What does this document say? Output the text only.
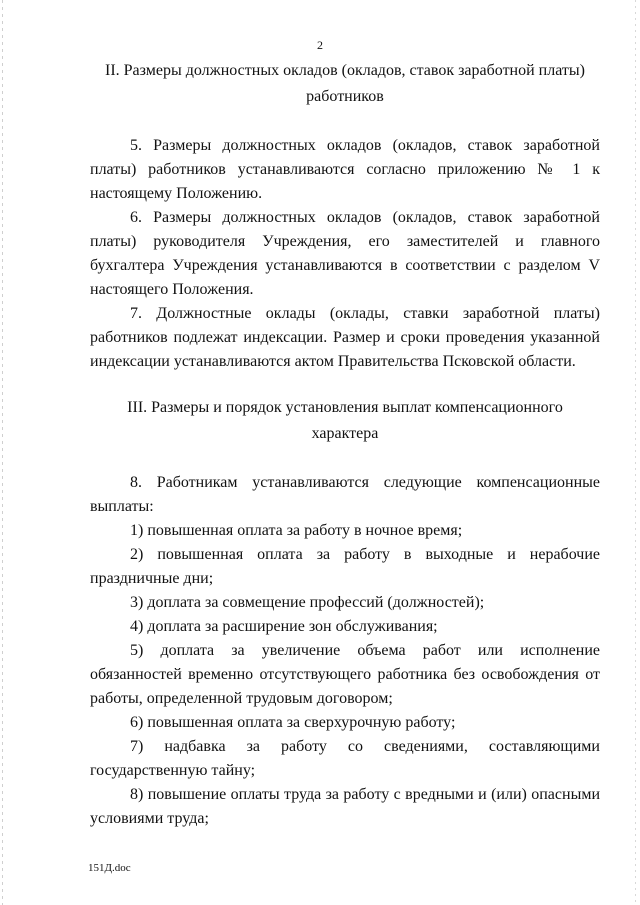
2
II. Размеры должностных окладов (окладов, ставок заработной платы) работников

5. Размеры должностных окладов (окладов, ставок заработной платы) работников устанавливаются согласно приложению № 1 к настоящему Положению.

6. Размеры должностных окладов (окладов, ставок заработной платы) руководителя Учреждения, его заместителей и главного бухгалтера Учреждения устанавливаются в соответствии с разделом V настоящего Положения.

7. Должностные оклады (оклады, ставки заработной платы) работников подлежат индексации. Размер и сроки проведения указанной индексации устанавливаются актом Правительства Псковской области.

III. Размеры и порядок установления выплат компенсационного характера

8. Работникам устанавливаются следующие компенсационные выплаты:

1) повышенная оплата за работу в ночное время;

2) повышенная оплата за работу в выходные и нерабочие праздничные дни;

3) доплата за совмещение профессий (должностей);

4) доплата за расширение зон обслуживания;

5) доплата за увеличение объема работ или исполнение обязанностей временно отсутствующего работника без освобождения от работы, определенной трудовым договором;

6) повышенная оплата за сверхурочную работу;

7) надбавка за работу со сведениями, составляющими государственную тайну;

8) повышение оплаты труда за работу с вредными и (или) опасными условиями труда;

151Д.doc
